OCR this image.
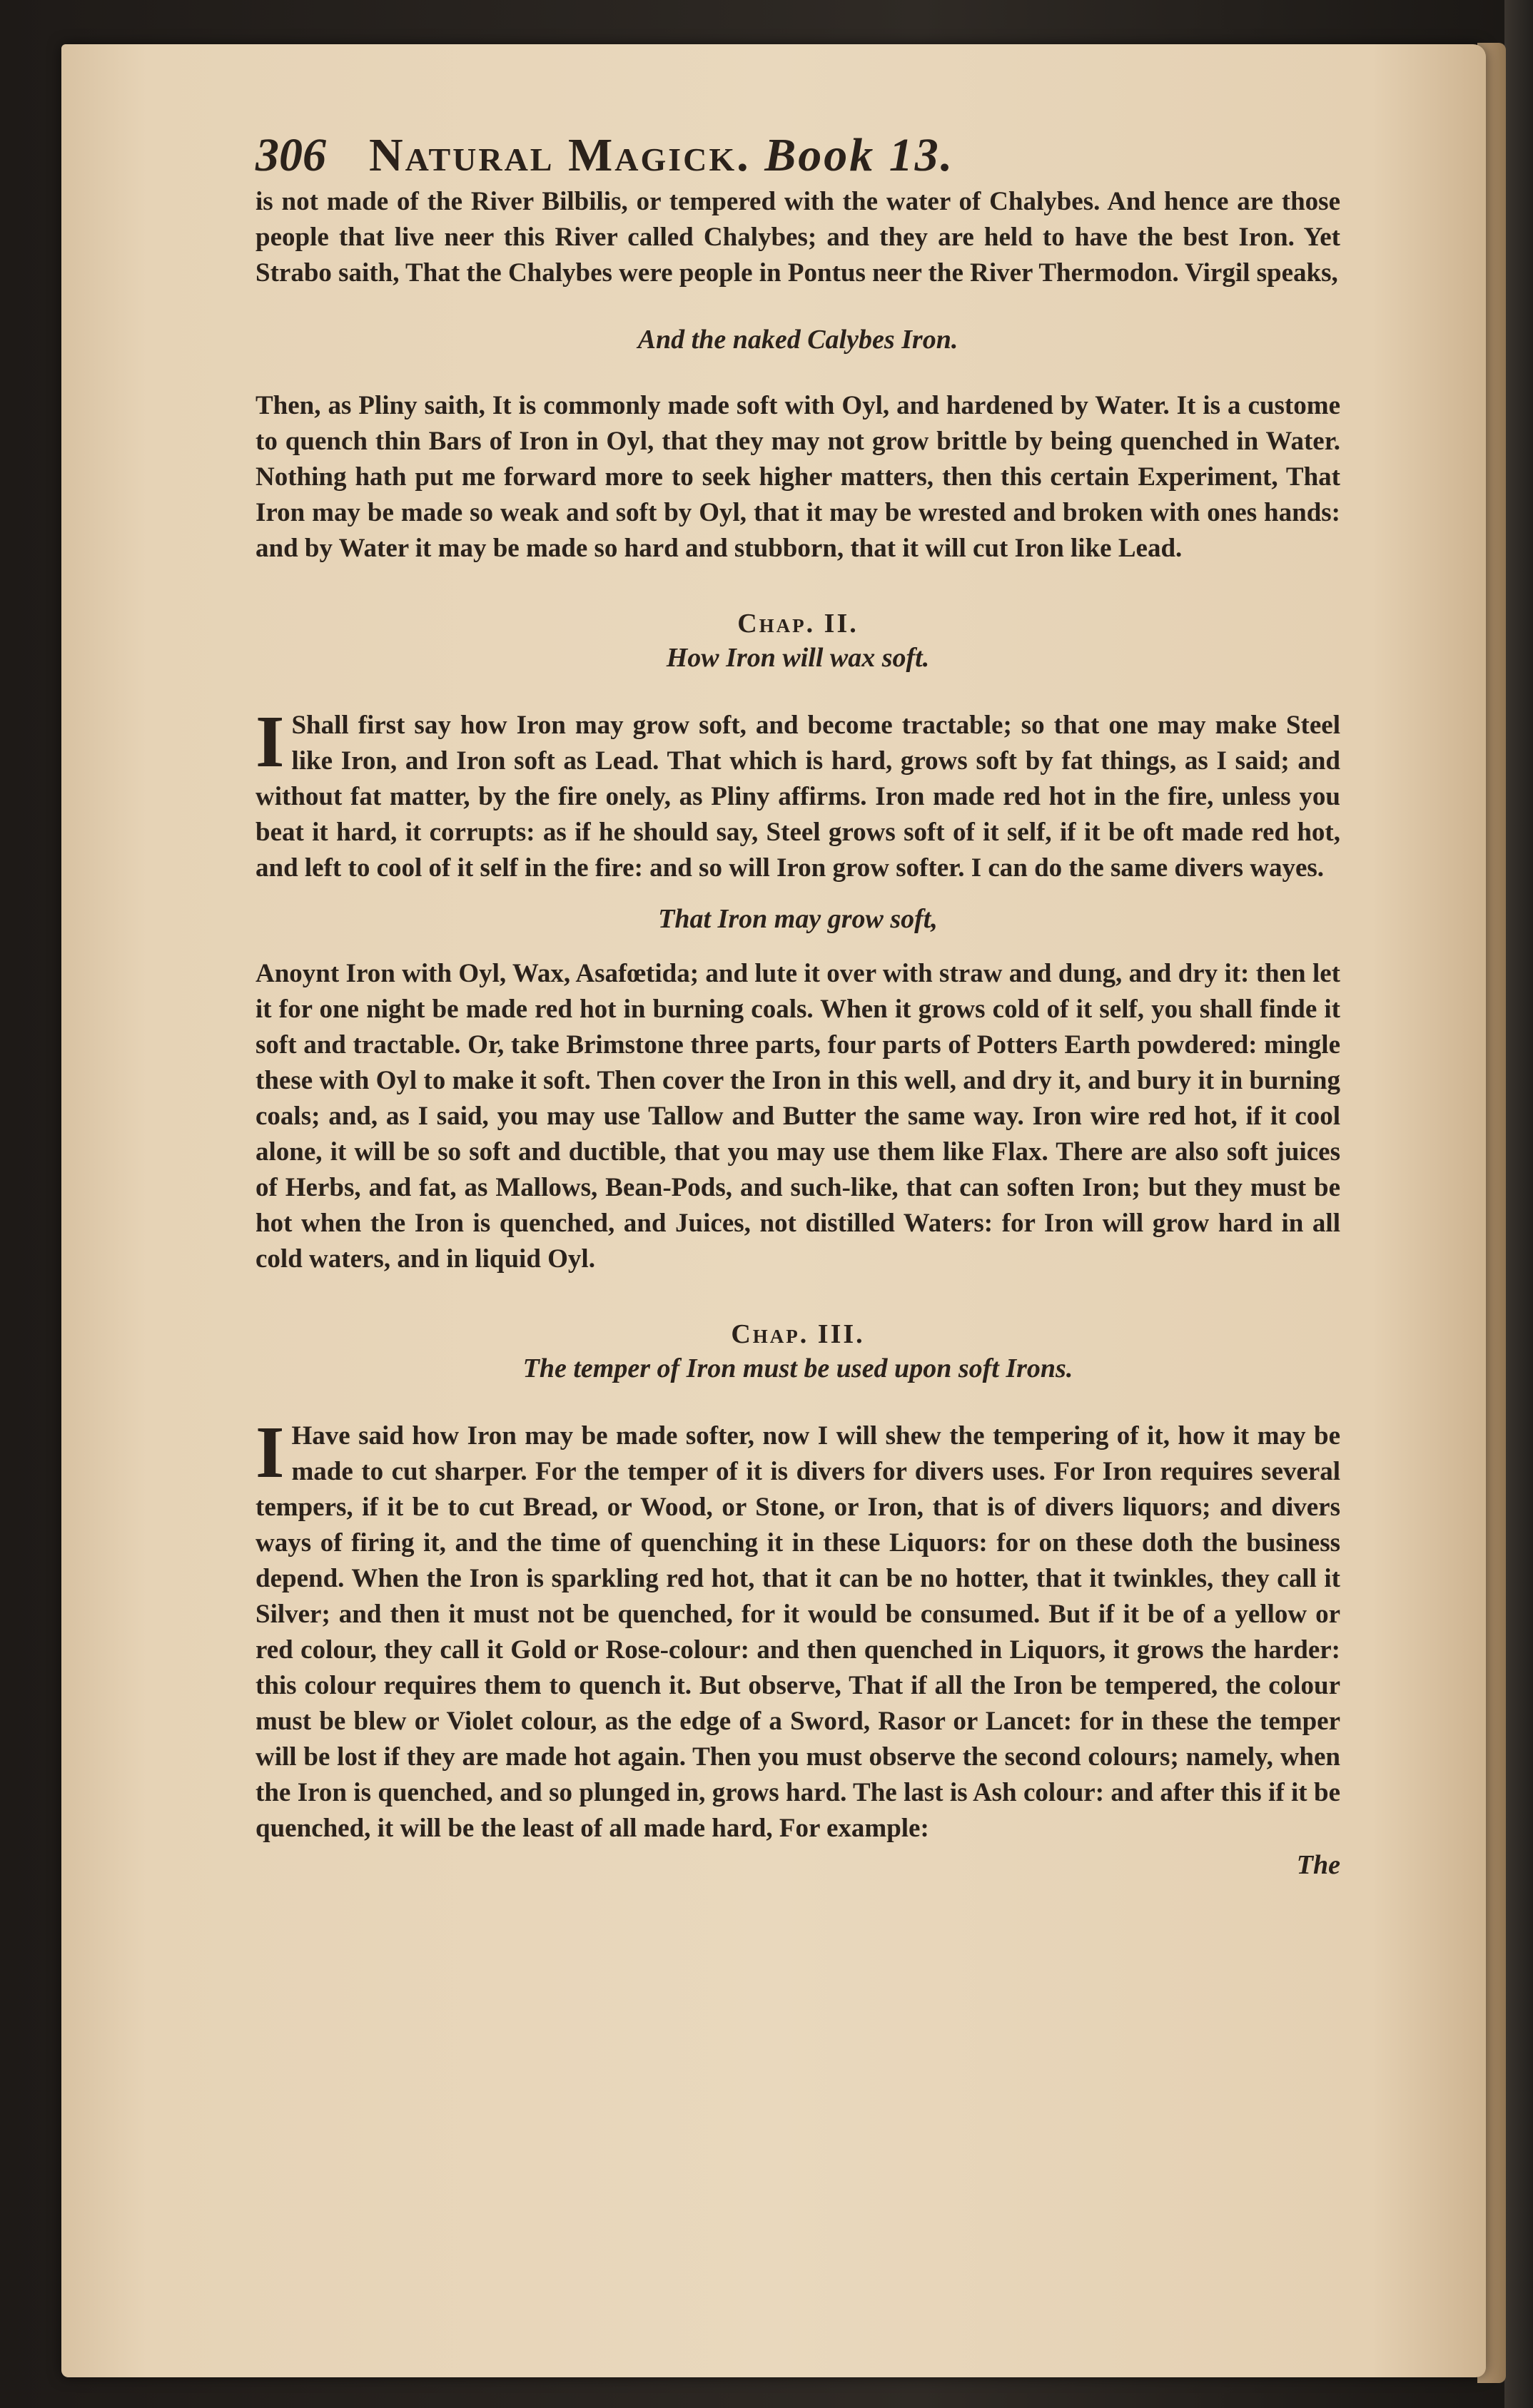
306 Natural Magick. Book 13.

is not made of the River Bilbilis, or tempered with the water of Chalybes. And hence are those people that live neer this River called Chalybes; and they are held to have the best Iron. Yet Strabo saith, That the Chalybes were people in Pontus neer the River Thermodon. Virgil speaks,

And the naked Calybes Iron.

Then, as Pliny saith, It is commonly made soft with Oyl, and hardened by Water. It is a custome to quench thin Bars of Iron in Oyl, that they may not grow brittle by being quenched in Water. Nothing hath put me forward more to seek higher matters, then this certain Experiment, That Iron may be made so weak and soft by Oyl, that it may be wrested and broken with ones hands: and by Water it may be made so hard and stubborn, that it will cut Iron like Lead.

Chap. II.
How Iron will wax soft.

I Shall first say how Iron may grow soft, and become tractable; so that one may make Steel like Iron, and Iron soft as Lead. That which is hard, grows soft by fat things, as I said; and without fat matter, by the fire onely, as Pliny affirms. Iron made red hot in the fire, unless you beat it hard, it corrupts: as if he should say, Steel grows soft of it self, if it be oft made red hot, and left to cool of it self in the fire: and so will Iron grow softer. I can do the same divers wayes.

That Iron may grow soft,

Anoynt Iron with Oyl, Wax, Asafœtida; and lute it over with straw and dung, and dry it: then let it for one night be made red hot in burning coals. When it grows cold of it self, you shall finde it soft and tractable. Or, take Brimstone three parts, four parts of Potters Earth powdered: mingle these with Oyl to make it soft. Then cover the Iron in this well, and dry it, and bury it in burning coals; and, as I said, you may use Tallow and Butter the same way. Iron wire red hot, if it cool alone, it will be so soft and ductible, that you may use them like Flax. There are also soft juices of Herbs, and fat, as Mallows, Bean-Pods, and such-like, that can soften Iron; but they must be hot when the Iron is quenched, and Juices, not distilled Waters: for Iron will grow hard in all cold waters, and in liquid Oyl.

Chap. III.
The temper of Iron must be used upon soft Irons.

I Have said how Iron may be made softer, now I will shew the tempering of it, how it may be made to cut sharper. For the temper of it is divers for divers uses. For Iron requires several tempers, if it be to cut Bread, or Wood, or Stone, or Iron, that is of divers liquors; and divers ways of firing it, and the time of quenching it in these Liquors: for on these doth the business depend. When the Iron is sparkling red hot, that it can be no hotter, that it twinkles, they call it Silver; and then it must not be quenched, for it would be consumed. But if it be of a yellow or red colour, they call it Gold or Rose-colour: and then quenched in Liquors, it grows the harder: this colour requires them to quench it. But observe, That if all the Iron be tempered, the colour must be blew or Violet colour, as the edge of a Sword, Rasor or Lancet: for in these the temper will be lost if they are made hot again. Then you must observe the second colours; namely, when the Iron is quenched, and so plunged in, grows hard. The last is Ash colour: and after this if it be quenched, it will be the least of all made hard, For example:

The
